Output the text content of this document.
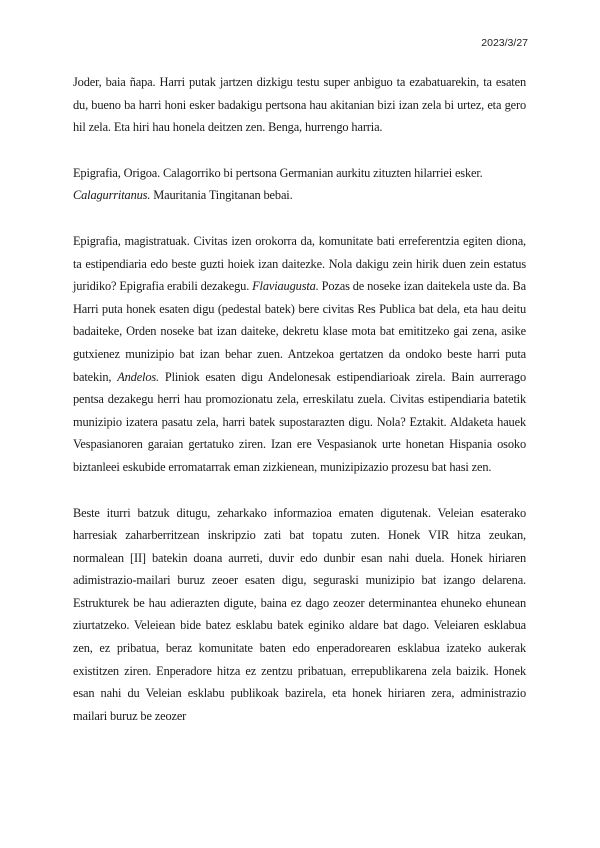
2023/3/27

Joder, baia ñapa. Harri putak jartzen dizkigu testu super anbiguo ta ezabatuarekin, ta esaten du, bueno ba harri honi esker badakigu pertsona hau akitanian bizi izan zela bi urtez, eta gero hil zela. Eta hiri hau honela deitzen zen. Benga, hurrengo harria.

Epigrafia, Origoa. Calagorriko bi pertsona Germanian aurkitu zituzten hilarriei esker. Calagurritanus. Mauritania Tingitanan bebai.

Epigrafia, magistratuak. Civitas izen orokorra da, komunitate bati erreferentzia egiten diona, ta estipendiaria edo beste guzti hoiek izan daitezke. Nola dakigu zein hirik duen zein estatus juridiko? Epigrafia erabili dezakegu. Flaviaugusta. Pozas de noseke izan daitekela uste da. Ba Harri puta honek esaten digu (pedestal batek) bere civitas Res Publica bat dela, eta hau deitu badaiteke, Orden noseke bat izan daiteke, dekretu klase mota bat emititzeko gai zena, asike gutxienez munizipio bat izan behar zuen. Antzekoa gertatzen da ondoko beste harri puta batekin, Andelos. Pliniok esaten digu Andelonesak estipendiarioak zirela. Bain aurrerago pentsa dezakegu herri hau promozionatu zela, erreskilatu zuela. Civitas estipendiaria batetik munizipio izatera pasatu zela, harri batek supostarazten digu. Nola? Eztakit. Aldaketa hauek Vespasianoren garaian gertatuko ziren. Izan ere Vespasianok urte honetan Hispania osoko biztanleei eskubide erromatarrak eman zizkienean, munizipizazio prozesu bat hasi zen.

Beste iturri batzuk ditugu, zeharkako informazioa ematen digutenak. Veleian esaterako harresiak zaharberritzean inskripzio zati bat topatu zuten. Honek VIR hitza zeukan, normalean [II] batekin doana aurreti, duvir edo dunbir esan nahi duela. Honek hiriaren adimistrazio-mailari buruz zeoer esaten digu, seguraski munizipio bat izango delarena. Estrukturek be hau adierazten digute, baina ez dago zeozer determinantea ehuneko ehunean ziurtatzeko. Veleiean bide batez esklabu batek eginiko aldare bat dago. Veleiaren esklabua zen, ez pribatua, beraz komunitate baten edo enperadorearen esklabua izateko aukerak existitzen ziren. Enperadore hitza ez zentzu pribatuan, errepublikarena zela baizik. Honek esan nahi du Veleian esklabu publikoak bazirela, eta honek hiriaren zera, administrazio mailari buruz be zeozer
